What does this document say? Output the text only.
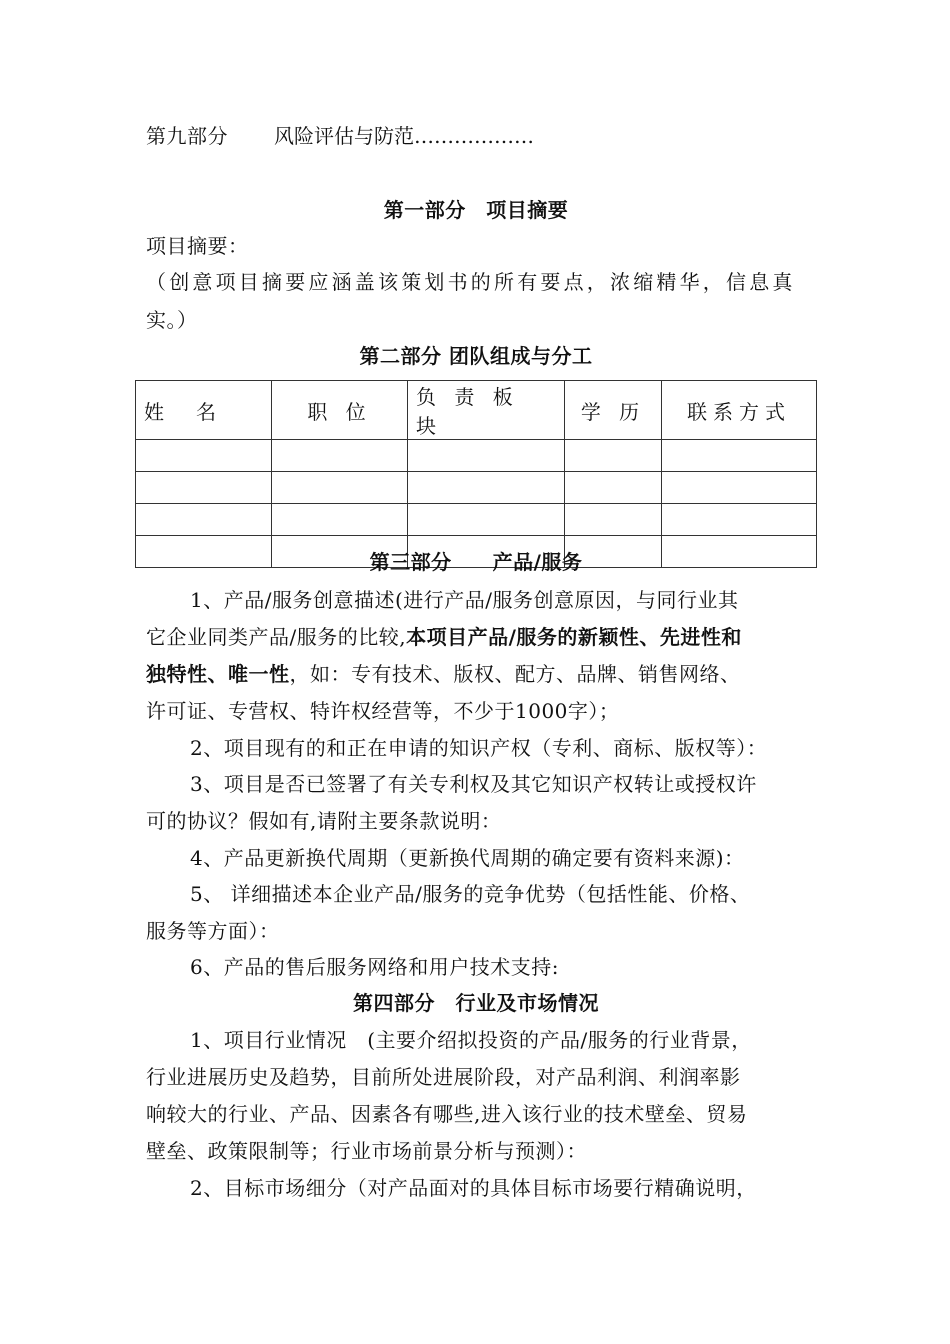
第九部分 风险评估与防范………………
第一部分　项目摘要
项目摘要：
（创意项目摘要应涵盖该策划书的所有要点，浓缩精华，信息真
实。）
第二部分 团队组成与分工
姓　名	职 位	负 责 板 块	学 历	联系方式

第三部分　　产品/服务
1、产品/服务创意描述(进行产品/服务创意原因，与同行业其
它企业同类产品/服务的比较,本项目产品/服务的新颖性、先进性和
独特性、唯一性，如：专有技术、版权、配方、品牌、销售网络、
许可证、专营权、特许权经营等，不少于1000字）；
2、项目现有的和正在申请的知识产权（专利、商标、版权等）：
3、项目是否已签署了有关专利权及其它知识产权转让或授权许
可的协议？假如有,请附主要条款说明：
4、产品更新换代周期（更新换代周期的确定要有资料来源)：
5、 详细描述本企业产品/服务的竞争优势（包括性能、价格、
服务等方面）：
6、产品的售后服务网络和用户技术支持:
第四部分　行业及市场情况
1、项目行业情况　(主要介绍拟投资的产品/服务的行业背景，
行业进展历史及趋势，目前所处进展阶段，对产品利润、利润率影
响较大的行业、产品、因素各有哪些,进入该行业的技术壁垒、贸易
壁垒、政策限制等；行业市场前景分析与预测）：
2、目标市场细分（对产品面对的具体目标市场要行精确说明，
